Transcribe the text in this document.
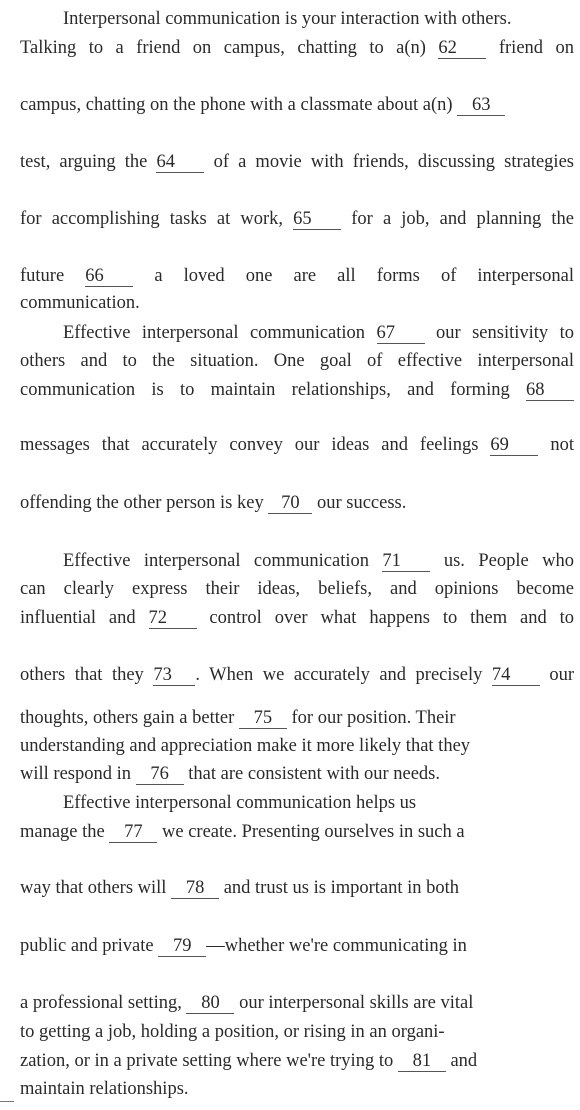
Interpersonal communication is your interaction with others.
Talking to a friend on campus, chatting to a(n) 62 friend on
campus, chatting on the phone with a classmate about a(n) 63
test, arguing the 64 of a movie with friends, discussing strategies
for accomplishing tasks at work, 65 for a job, and planning the
future 66 a loved one are all forms of interpersonal
communication.
Effective interpersonal communication 67 our sensitivity to
others and to the situation. One goal of effective interpersonal
communication is to maintain relationships, and forming 68
messages that accurately convey our ideas and feelings 69 not
offending the other person is key 70 our success.
Effective interpersonal communication 71 us. People who
can clearly express their ideas, beliefs, and opinions become
influential and 72 control over what happens to them and to
others that they 73 . When we accurately and precisely 74 our
thoughts, others gain a better 75 for our position. Their
understanding and appreciation make it more likely that they
will respond in 76 that are consistent with our needs.
Effective interpersonal communication helps us
manage the 77 we create. Presenting ourselves in such a
way that others will 78 and trust us is important in both
public and private 79 —whether we're communicating in
a professional setting, 80 our interpersonal skills are vital
to getting a job, holding a position, or rising in an organi-
zation, or in a private setting where we're trying to 81 and
maintain relationships.
